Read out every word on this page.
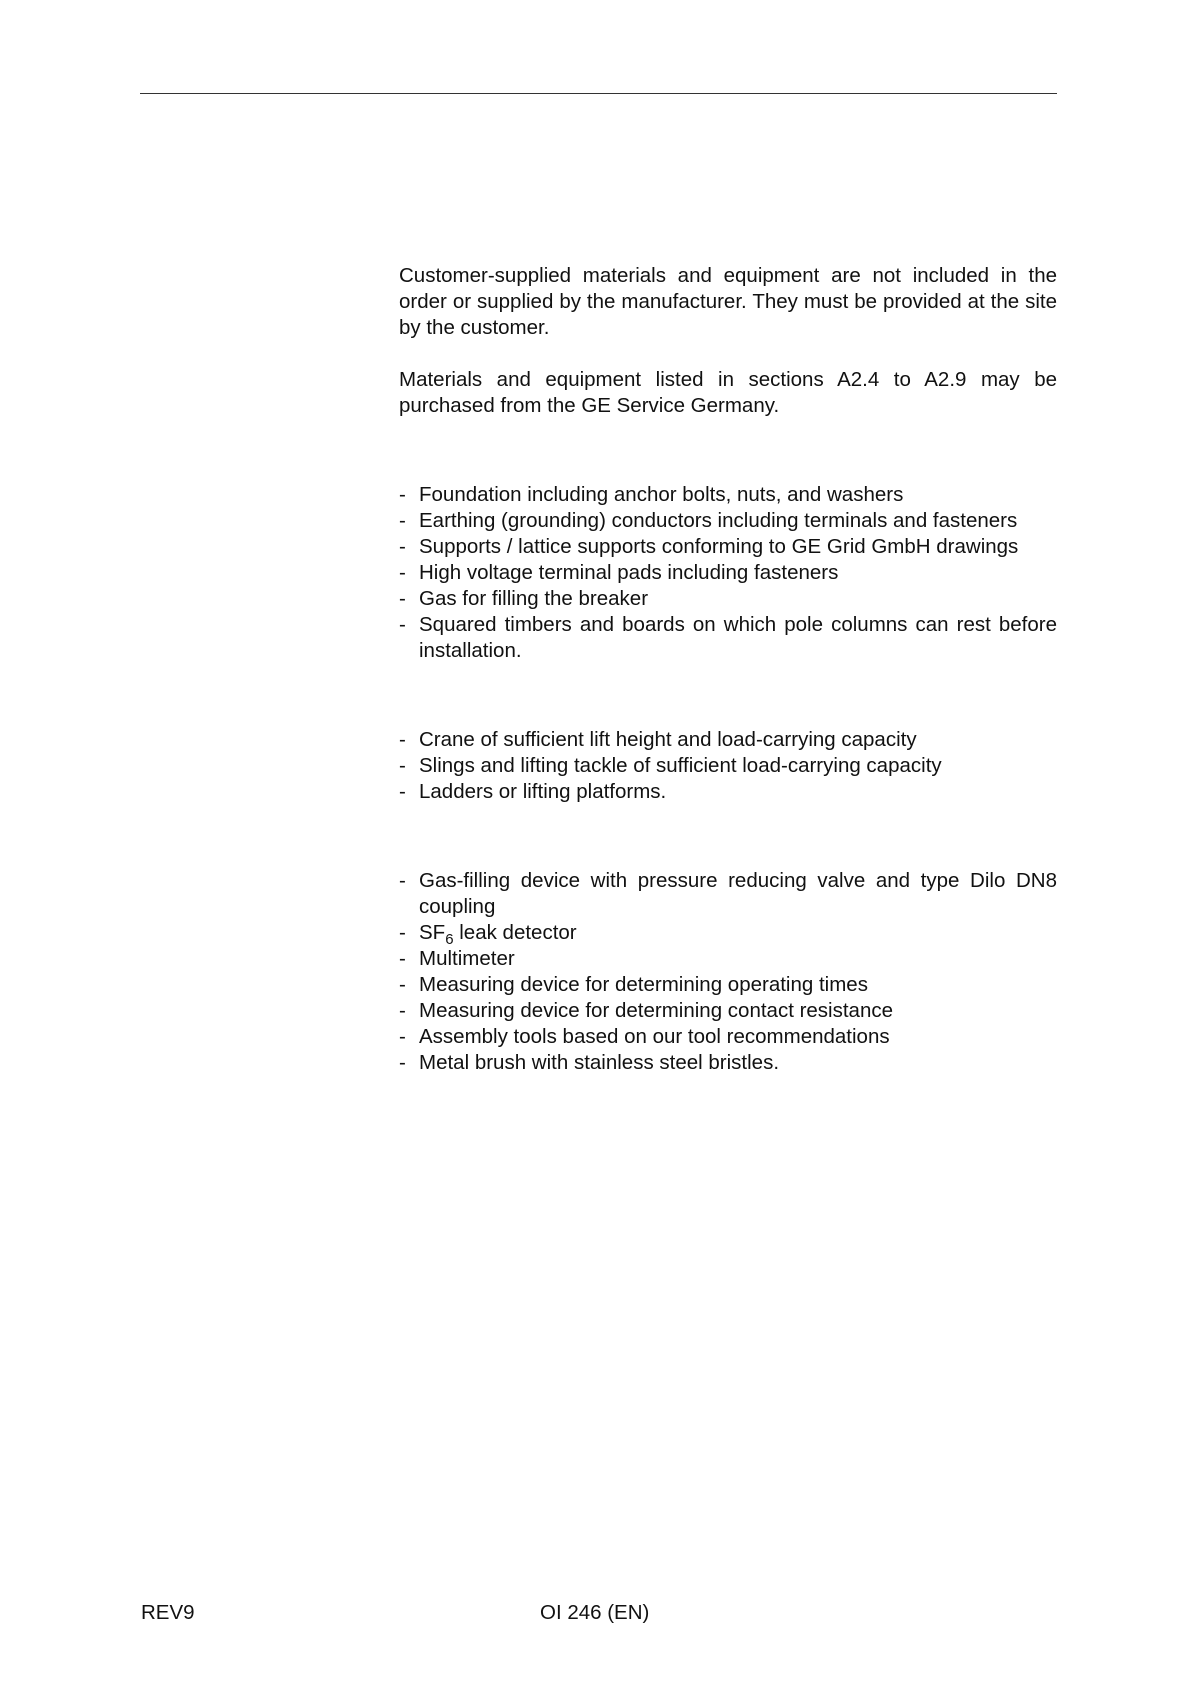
Customer-supplied materials and equipment are not included in the order or supplied by the manufacturer. They must be provided at the site by the customer.

Materials and equipment listed in sections A2.4 to A2.9 may be purchased from the GE Service Germany.

- Foundation including anchor bolts, nuts, and washers
- Earthing (grounding) conductors including terminals and fasteners
- Supports / lattice supports conforming to GE Grid GmbH drawings
- High voltage terminal pads including fasteners
- Gas for filling the breaker
- Squared timbers and boards on which pole columns can rest before installation.
- Crane of sufficient lift height and load-carrying capacity
- Slings and lifting tackle of sufficient load-carrying capacity
- Ladders or lifting platforms.
- Gas-filling device with pressure reducing valve and type Dilo DN8 coupling
- $SF_6$ leak detector
- Multimeter
- Measuring device for determining operating times
- Measuring device for determining contact resistance
- Assembly tools based on our tool recommendations
- Metal brush with stainless steel bristles.
REV9	OI 246 (EN)
